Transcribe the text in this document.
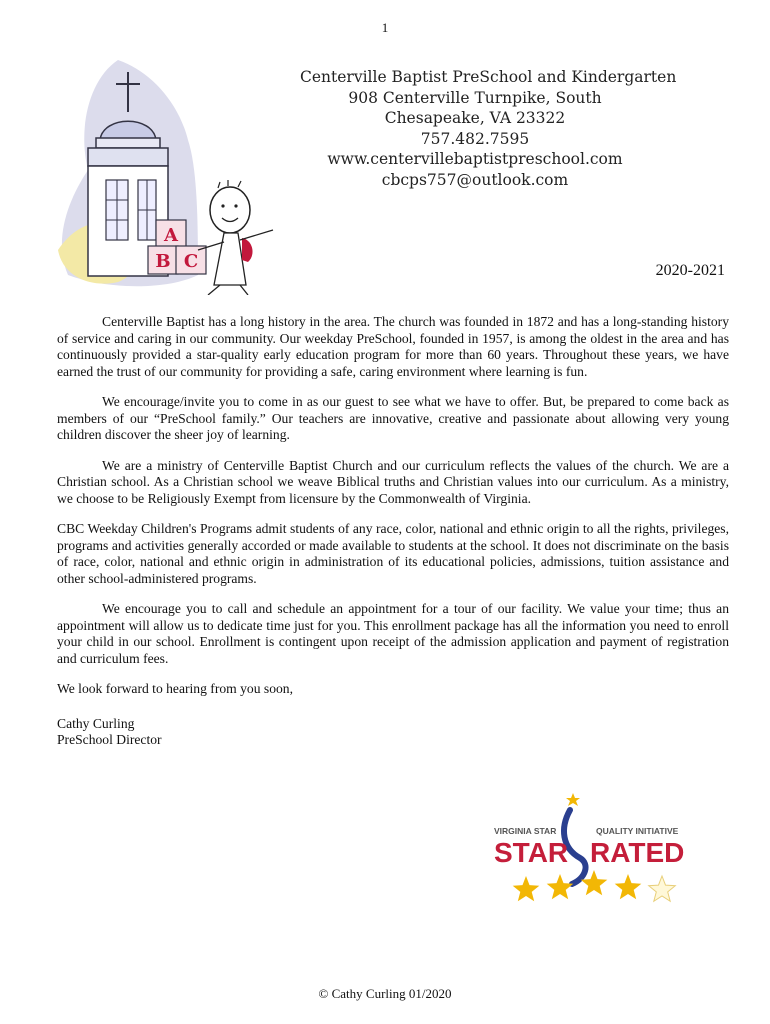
1
A
B C
Centerville Baptist PreSchool and Kindergarten
908 Centerville Turnpike, South
Chesapeake, VA 23322
757.482.7595
www.centervillebaptistpreschool.com
cbcps757@outlook.com
2020-2021

Centerville Baptist has a long history in the area. The church was founded in 1872 and has a long-standing history of service and caring in our community. Our weekday PreSchool, founded in 1957, is among the oldest in the area and has continuously provided a star-quality early education program for more than 60 years. Throughout these years, we have earned the trust of our community for providing a safe, caring environment where learning is fun.

We encourage/invite you to come in as our guest to see what we have to offer. But, be prepared to come back as members of our “PreSchool family.” Our teachers are innovative, creative and passionate about allowing very young children discover the sheer joy of learning.

We are a ministry of Centerville Baptist Church and our curriculum reflects the values of the church. We are a Christian school. As a Christian school we weave Biblical truths and Christian values into our curriculum. As a ministry, we choose to be Religiously Exempt from licensure by the Commonwealth of Virginia.

CBC Weekday Children's Programs admit students of any race, color, national and ethnic origin to all the rights, privileges, programs and activities generally accorded or made available to students at the school. It does not discriminate on the basis of race, color, national and ethnic origin in administration of its educational policies, admissions, tuition assistance and other school-administered programs.

We encourage you to call and schedule an appointment for a tour of our facility. We value your time; thus an appointment will allow us to dedicate time just for you. This enrollment package has all the information you need to enroll your child in our school. Enrollment is contingent upon receipt of the admission application and payment of registration and curriculum fees.

We look forward to hearing from you soon,

Cathy Curling
PreSchool Director
VIRGINIA STAR	QUALITY INITIATIVE
STAR RATED
© Cathy Curling 01/2020
